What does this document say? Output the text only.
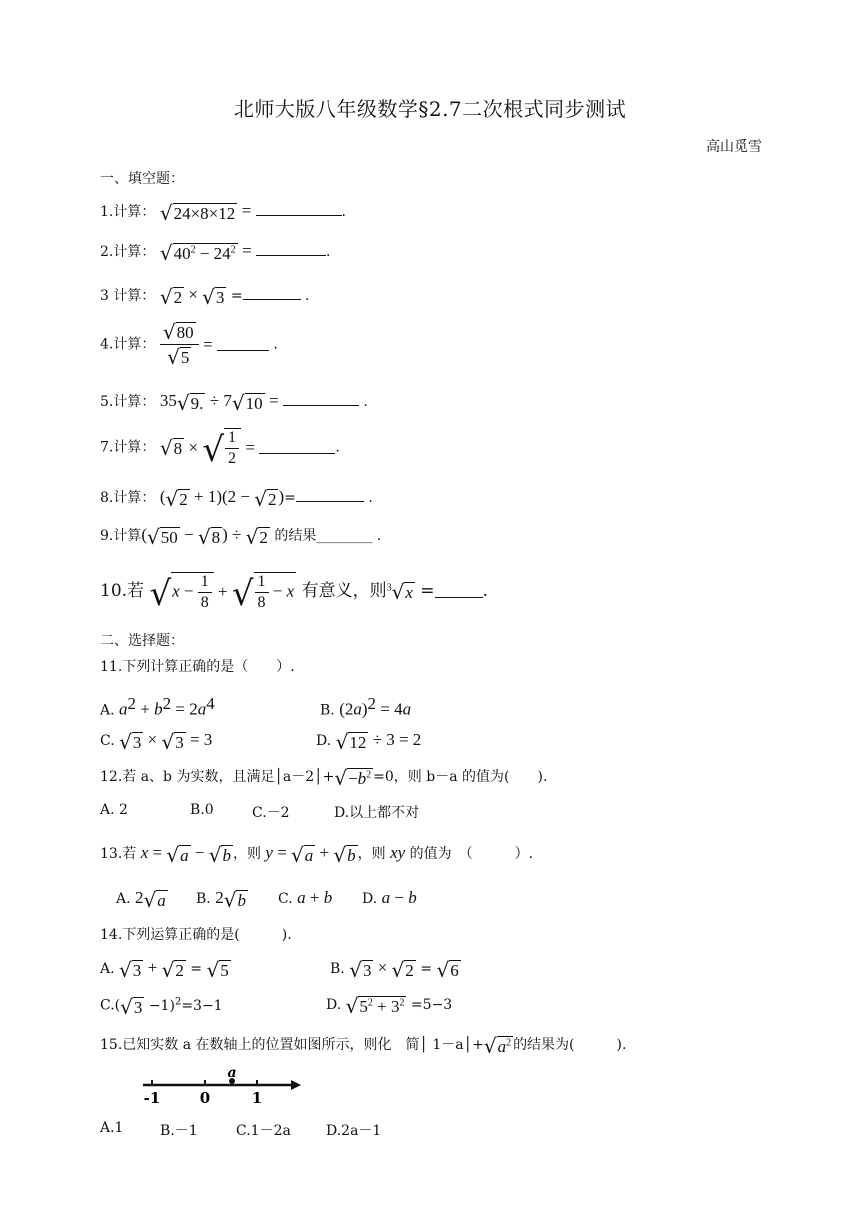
北师大版八年级数学§2.7二次根式同步测试
高山觅雪
一、填空题：
1.计算： √ 24×8×12 =	.
2.计算： √ $40^2 - 24^2$ =	.
3 计算： √ 2 × √ 3 =	.
4.计算： $\frac{√ 80}{√ 5}$ =	.
5.计算： 35 √ 9. ÷ 7 √ 10 =	.
7.计算： √ 8 × √ $\frac{1}{2}$ =	.
8.计算： ( √ 2 + 1)(2 − √ 2 )=	.
9.计算( √ 50 − √ 8 ) ÷ √ 2 的结果________ .
10.若 √ $x - \frac{1}{8}$ + √ $\frac{1}{8} - x$ 有意义，则$^3$ √ x =	.
二、选择题：
11.下列计算正确的是（　　）.
A. $a^2 + b^2 = 2a^4$	B. $(2a)^2 = 4a$
C. √ 3 × √ 3 = 3	D. √ 12 ÷ 3 = 2
12.若 a、b 为实数，且满足│a－2│+ √ $-b^2 =0$，则 b－a 的值为(　　).
A. 2	B.0	C.－2	D.以上都不对
13.若 x = √ a − √ b ，则 y = √ a + √ b ，则 xy 的值为　（　　　）.
A. 2 √ a B. 2 √ b C. a + b D. a − b
14.下列运算正确的是(　　　).
A. √ 3 + √ 2 = √ 5	B. √ 3 × √ 2 = √ 6
C.( √ 3 −1)$^2$=3−1	D. √ $5^2 + 3^2 =5-3$
15.已知实数 a 在数轴上的位置如图所示，则化　简│ 1－a│+ √ $a^2$ 的结果为(　　　).
a
-1	0	1
A.1	B.－1	C.1－2a	D.2a－1
